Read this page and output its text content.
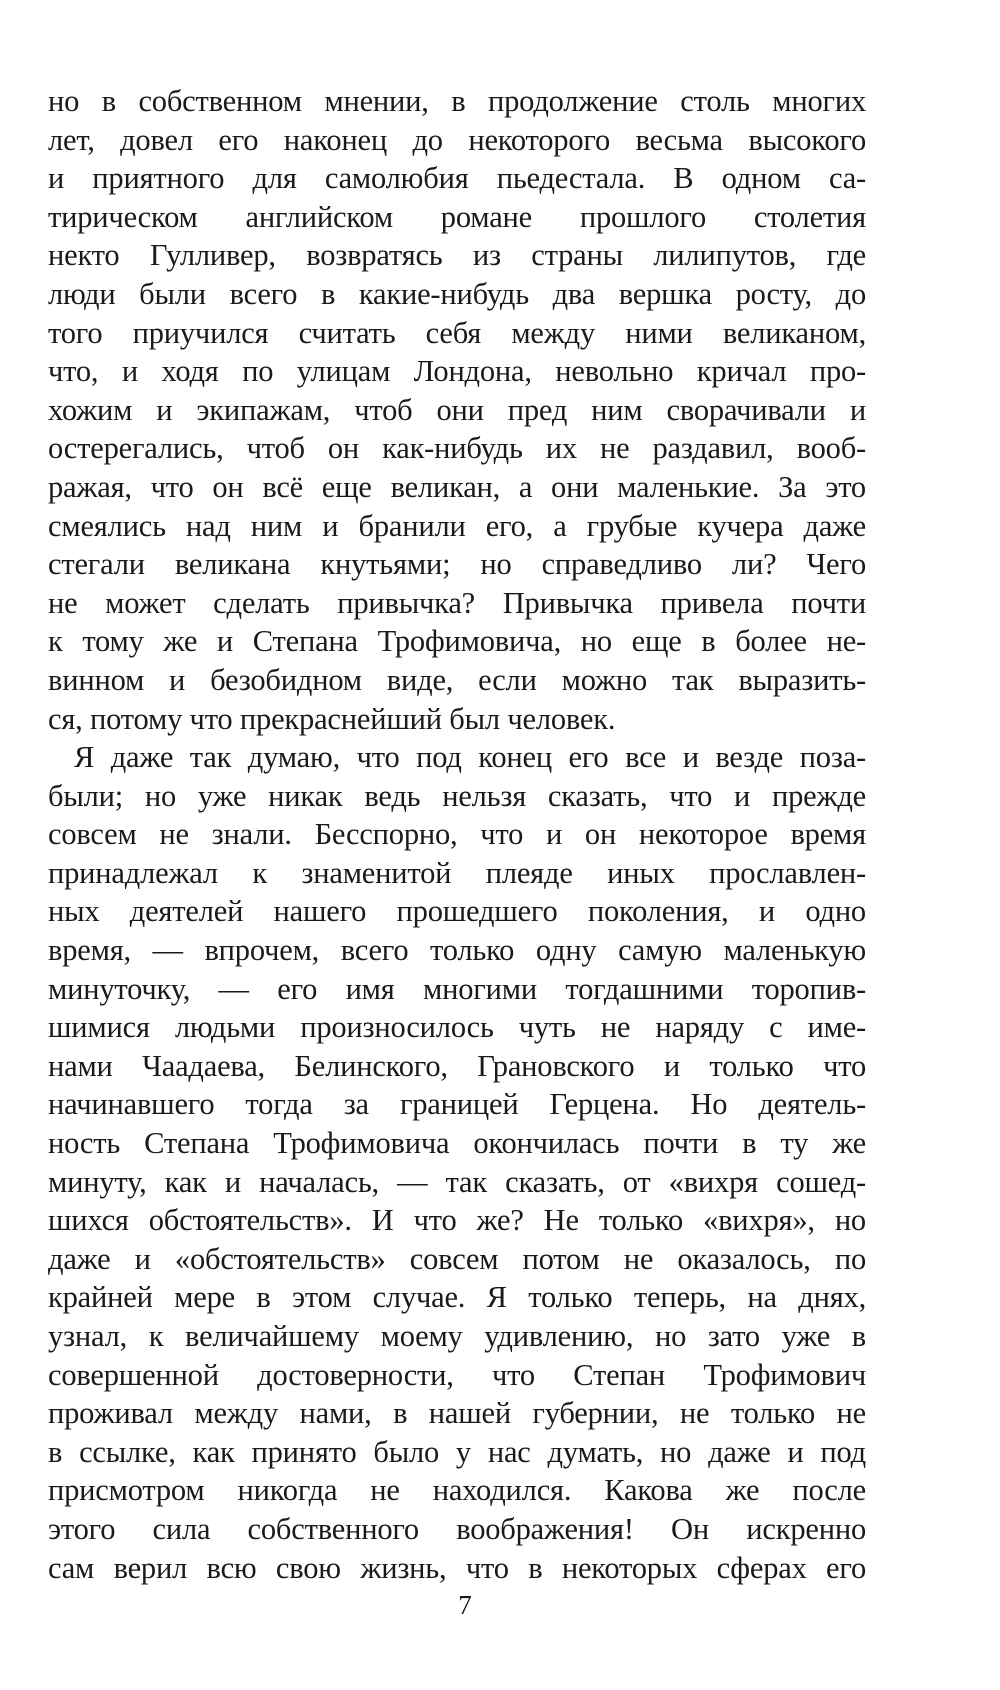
но в собственном мнении, в продолжение столь многих
лет, довел его наконец до некоторого весьма высокого
и приятного для самолюбия пьедестала. В одном са-
тирическом английском романе прошлого столетия
некто Гулливер, возвратясь из страны лилипутов, где
люди были всего в какие-нибудь два вершка росту, до
того приучился считать себя между ними великаном,
что, и ходя по улицам Лондона, невольно кричал про-
хожим и экипажам, чтоб они пред ним сворачивали и
остерегались, чтоб он как-нибудь их не раздавил, вооб-
ражая, что он всё еще великан, а они маленькие. За это
смеялись над ним и бранили его, а грубые кучера даже
стегали великана кнутьями; но справедливо ли? Чего
не может сделать привычка? Привычка привела почти
к тому же и Степана Трофимовича, но еще в более не-
винном и безобидном виде, если можно так выразить-
ся, потому что прекраснейший был человек.
Я даже так думаю, что под конец его все и везде поза-
были; но уже никак ведь нельзя сказать, что и прежде
совсем не знали. Бесспорно, что и он некоторое время
принадлежал к знаменитой плеяде иных прославлен-
ных деятелей нашего прошедшего поколения, и одно
время, — впрочем, всего только одну самую маленькую
минуточку, — его имя многими тогдашними торопив-
шимися людьми произносилось чуть не наряду с име-
нами Чаадаева, Белинского, Грановского и только что
начинавшего тогда за границей Герцена. Но деятель-
ность Степана Трофимовича окончилась почти в ту же
минуту, как и началась, — так сказать, от «вихря сошед-
шихся обстоятельств». И что же? Не только «вихря», но
даже и «обстоятельств» совсем потом не оказалось, по
крайней мере в этом случае. Я только теперь, на днях,
узнал, к величайшему моему удивлению, но зато уже в
совершенной достоверности, что Степан Трофимович
проживал между нами, в нашей губернии, не только не
в ссылке, как принято было у нас думать, но даже и под
присмотром никогда не находился. Какова же после
этого сила собственного воображения! Он искренно
сам верил всю свою жизнь, что в некоторых сферах его
7
